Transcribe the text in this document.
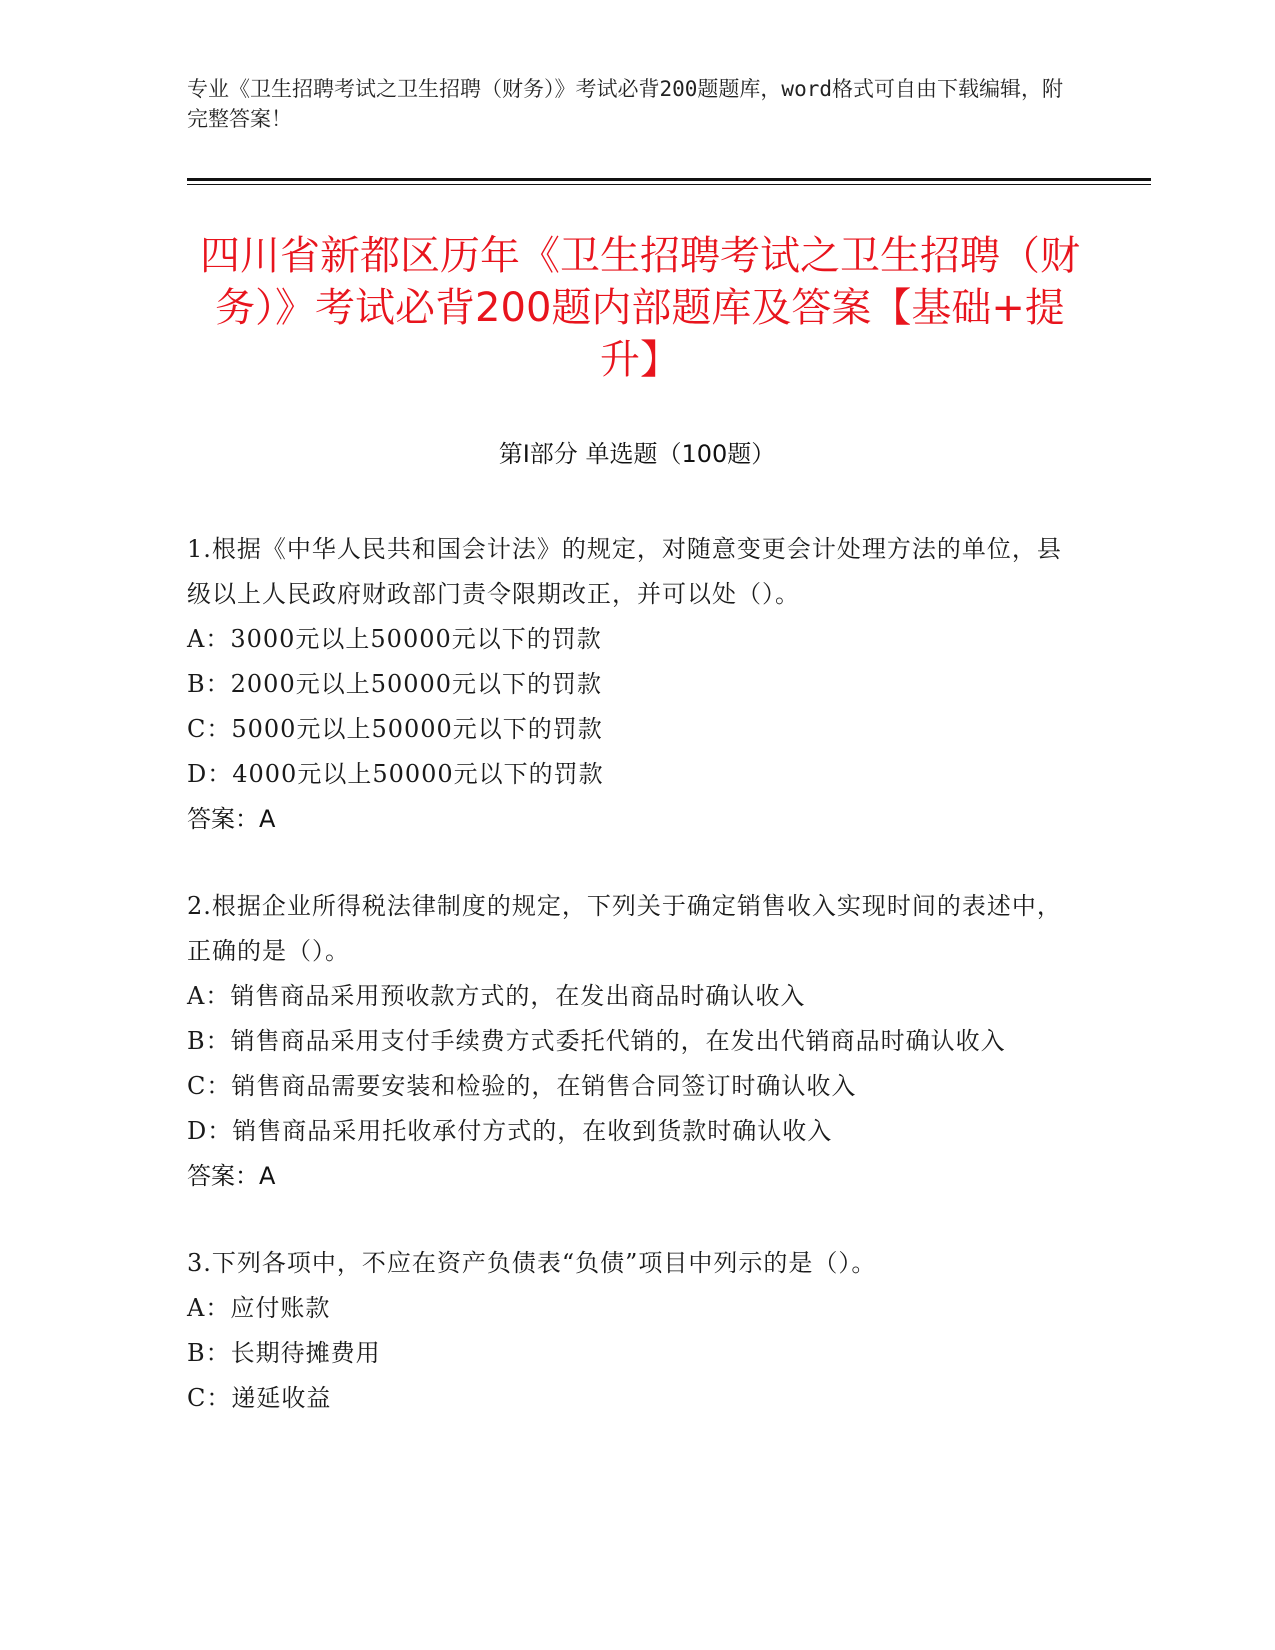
专业《卫生招聘考试之卫生招聘（财务）》考试必背200题题库，word格式可自由下载编辑，附完整答案！
四川省新都区历年《卫生招聘考试之卫生招聘（财务）》考试必背200题内部题库及答案【基础+提升】
第Ⅰ部分 单选题（100题）
1.根据《中华人民共和国会计法》的规定，对随意变更会计处理方法的单位，县级以上人民政府财政部门责令限期改正，并可以处（）。
A：3000元以上50000元以下的罚款
B：2000元以上50000元以下的罚款
C：5000元以上50000元以下的罚款
D：4000元以上50000元以下的罚款
答案：A
2.根据企业所得税法律制度的规定，下列关于确定销售收入实现时间的表述中，正确的是（）。
A：销售商品采用预收款方式的，在发出商品时确认收入
B：销售商品采用支付手续费方式委托代销的，在发出代销商品时确认收入
C：销售商品需要安装和检验的，在销售合同签订时确认收入
D：销售商品采用托收承付方式的，在收到货款时确认收入
答案：A
3.下列各项中，不应在资产负债表“负债”项目中列示的是（）。
A：应付账款
B：长期待摊费用
C：递延收益
